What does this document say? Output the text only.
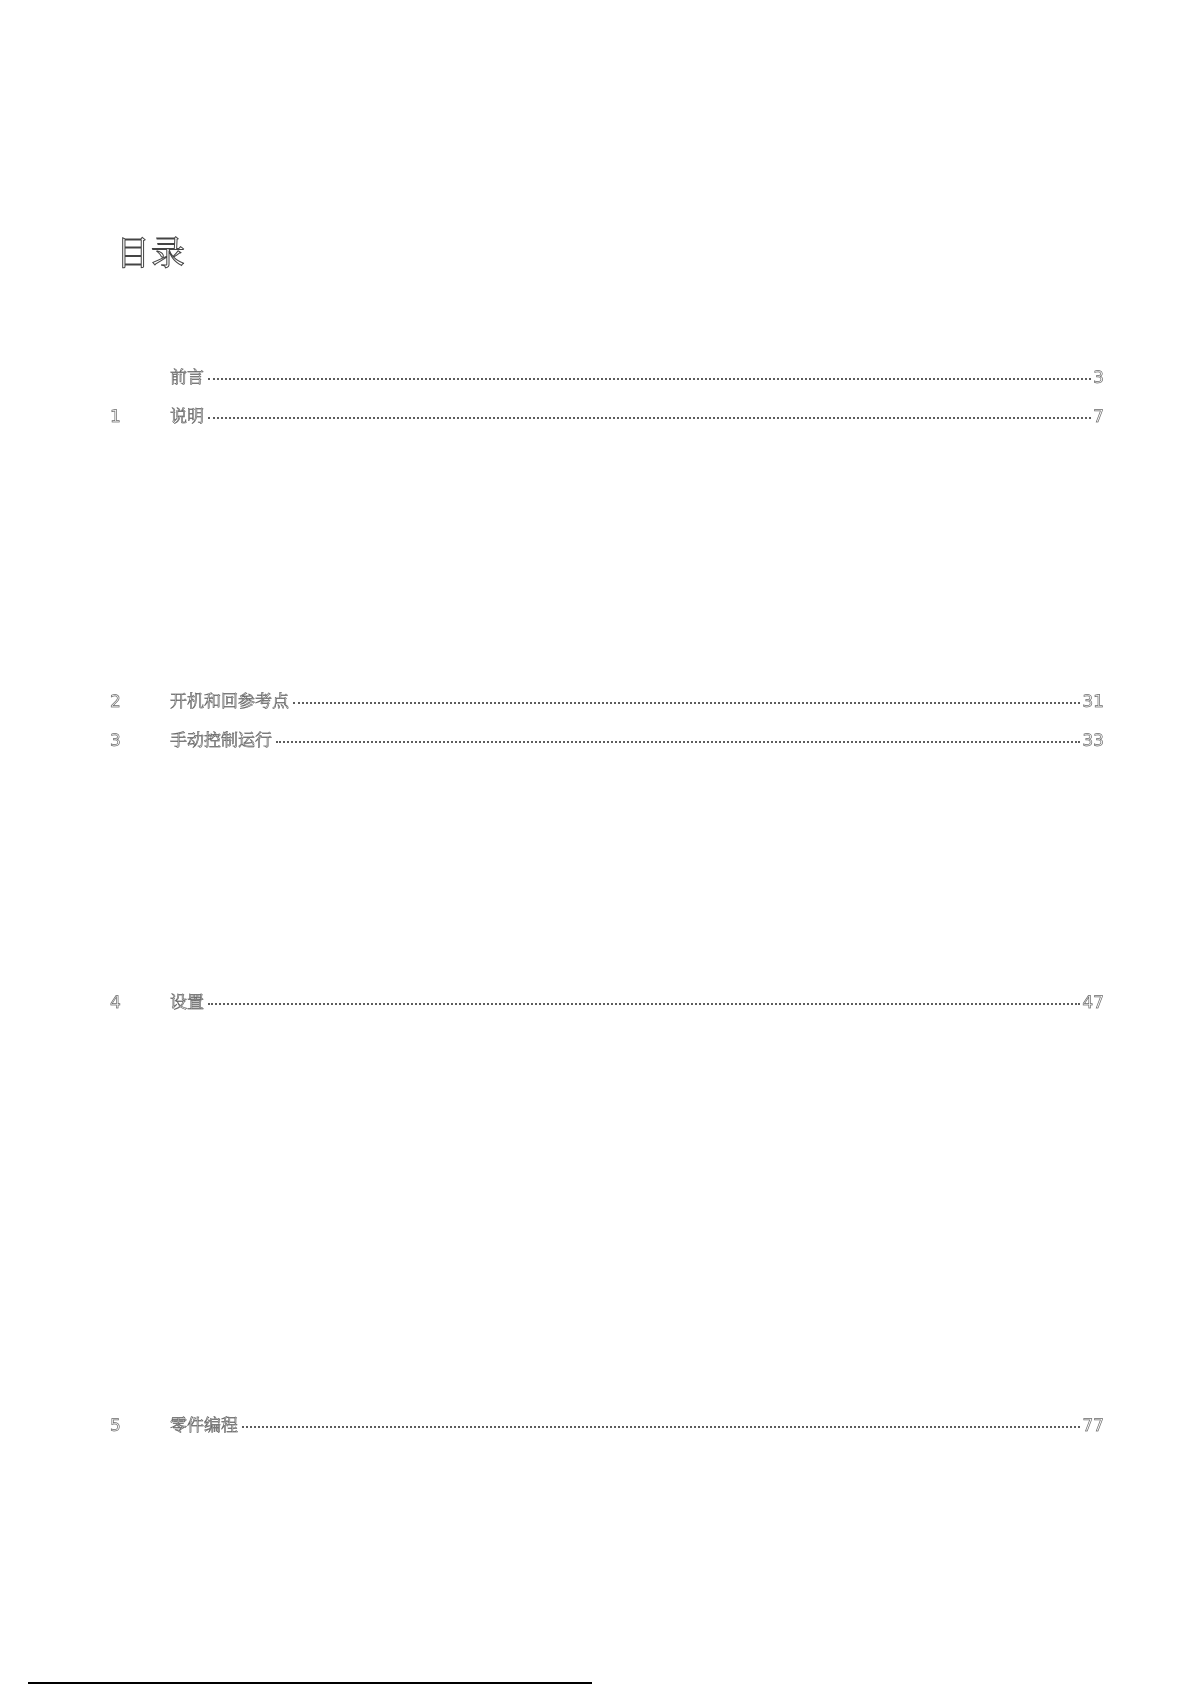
目录
前言	3
1	说明	7
2	开机和回参考点	31
3	手动控制运行	33
4	设置	47
5	零件编程	77
